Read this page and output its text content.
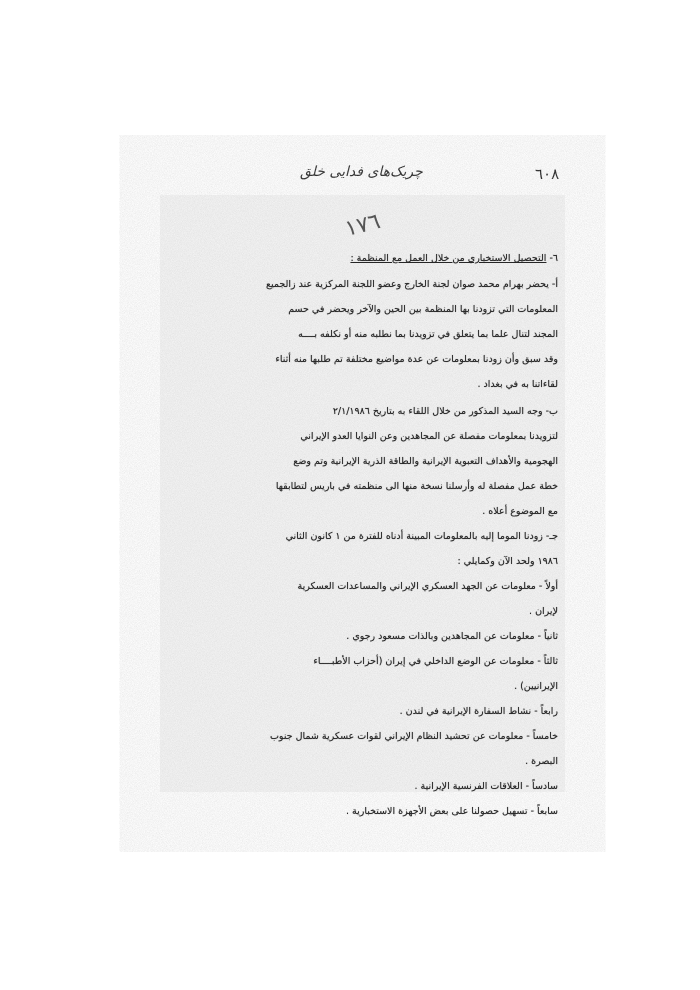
٦٠٨
چریک‌های فدایی خلق
١٧٦
٦- التحصيل الاستخباري من خلال العمل مع المنظمة :
أ- يحضر بهرام محمد صوان لجنة الخارج وعضو اللجنة المركزية عند زالجميع
المعلومات التي تزودنا بها المنظمة بين الحين والآخر ويحضر في حسم
المجند لتنال علما بما يتعلق في تزويدنا بما نطلبه منه أو نكلفه بــــه
وقد سبق وأن زودنا بمعلومات عن عدة مواضيع مختلفة تم طلبها منه أثناء
لقاءاتنا به في بغداد .
ب- وجه السيد المذكور من خلال اللقاء به بتاريخ ٢/١/١٩٨٦
لتزويدنا بمعلومات مفصلة عن المجاهدين وعن النوايا العدو الإيراني
الهجومية والأهداف التعبوية الإيرانية والطاقة الذرية الإيرانية وتم وضع
خطة عمل مفصلة له وأرسلنا نسخة منها الى منظمته في باريس لتطابقها
مع الموضوع أعلاه .
جـ- زودنا الموما إليه بالمعلومات المبينة أدناه للفترة من ١ كانون الثاني
١٩٨٦ ولحد الآن وكمايلي :
أولاً - معلومات عن الجهد العسكري الإيراني والمساعدات العسكرية
لإيران .
ثانياً - معلومات عن المجاهدين وبالذات مسعود رجوي .
ثالثاً - معلومات عن الوضع الداخلي في إيران (أحزاب الأطبــــاء
الإيرانيين) .
رابعاً - نشاط السفارة الإيرانية في لندن .
خامساً - معلومات عن تحشيد النظام الإيراني لقوات عسكرية شمال جنوب
البصرة .
سادساً - العلاقات الفرنسية الإيرانية .
سابعاً - تسهيل حصولنا على بعض الأجهزة الاستخبارية .
